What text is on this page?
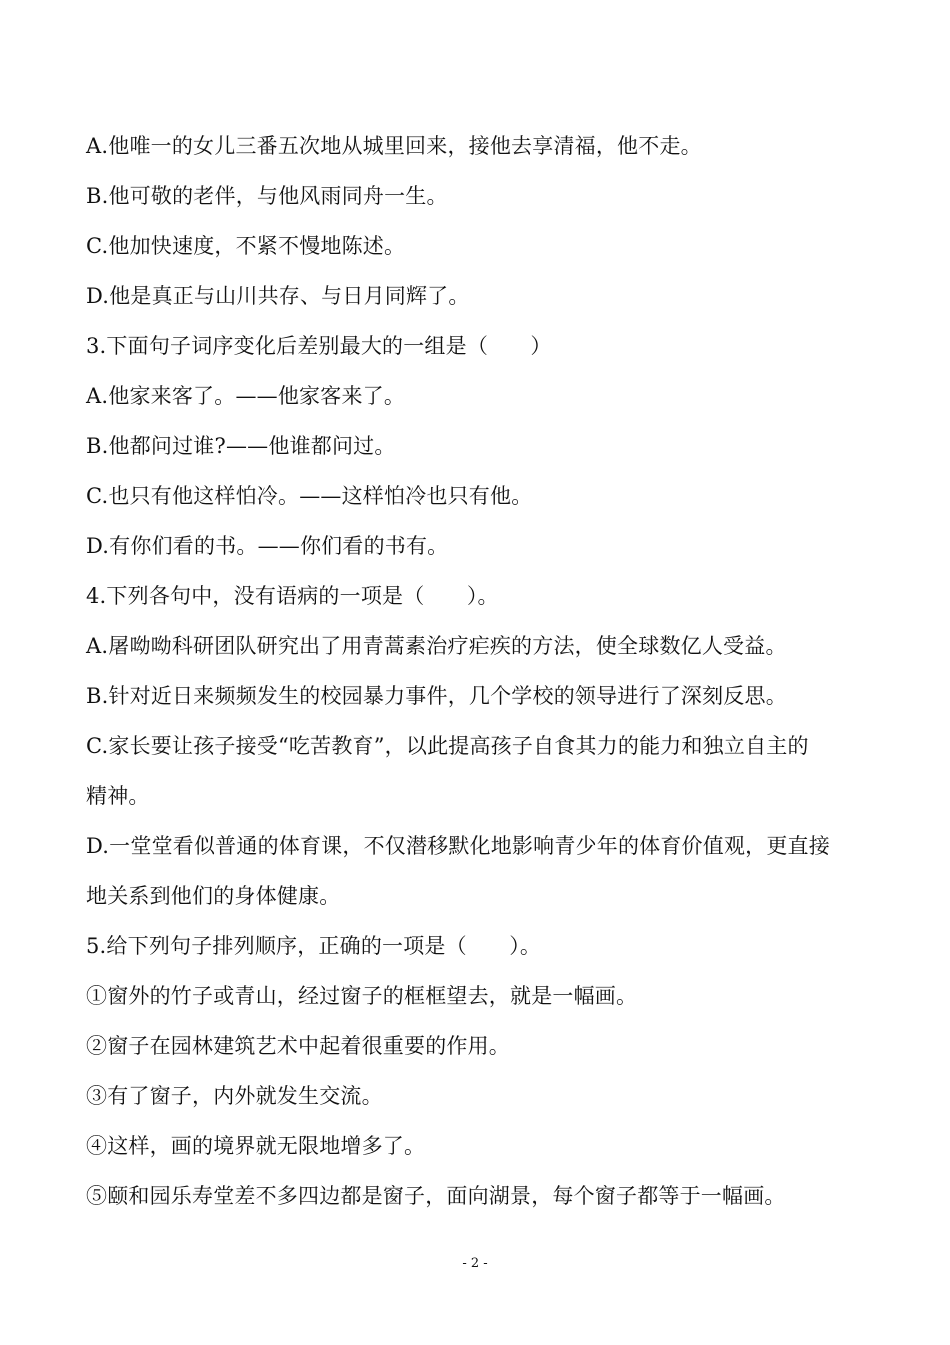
A.他唯一的女儿三番五次地从城里回来，接他去享清福，他不走。
B.他可敬的老伴，与他风雨同舟一生。
C.他加快速度，不紧不慢地陈述。
D.他是真正与山川共存、与日月同辉了。
3.下面句子词序变化后差别最大的一组是（　　）
A.他家来客了。——他家客来了。
B.他都问过谁?——他谁都问过。
C.也只有他这样怕冷。——这样怕冷也只有他。
D.有你们看的书。——你们看的书有。
4.下列各句中，没有语病的一项是（　　）。
A.屠呦呦科研团队研究出了用青蒿素治疗疟疾的方法，使全球数亿人受益。
B.针对近日来频频发生的校园暴力事件，几个学校的领导进行了深刻反思。
C.家长要让孩子接受“吃苦教育”，以此提高孩子自食其力的能力和独立自主的
精神。
D.一堂堂看似普通的体育课，不仅潜移默化地影响青少年的体育价值观，更直接
地关系到他们的身体健康。
5.给下列句子排列顺序，正确的一项是（　　）。
①窗外的竹子或青山，经过窗子的框框望去，就是一幅画。
②窗子在园林建筑艺术中起着很重要的作用。
③有了窗子，内外就发生交流。
④这样，画的境界就无限地增多了。
⑤颐和园乐寿堂差不多四边都是窗子，面向湖景，每个窗子都等于一幅画。
- 2 -
